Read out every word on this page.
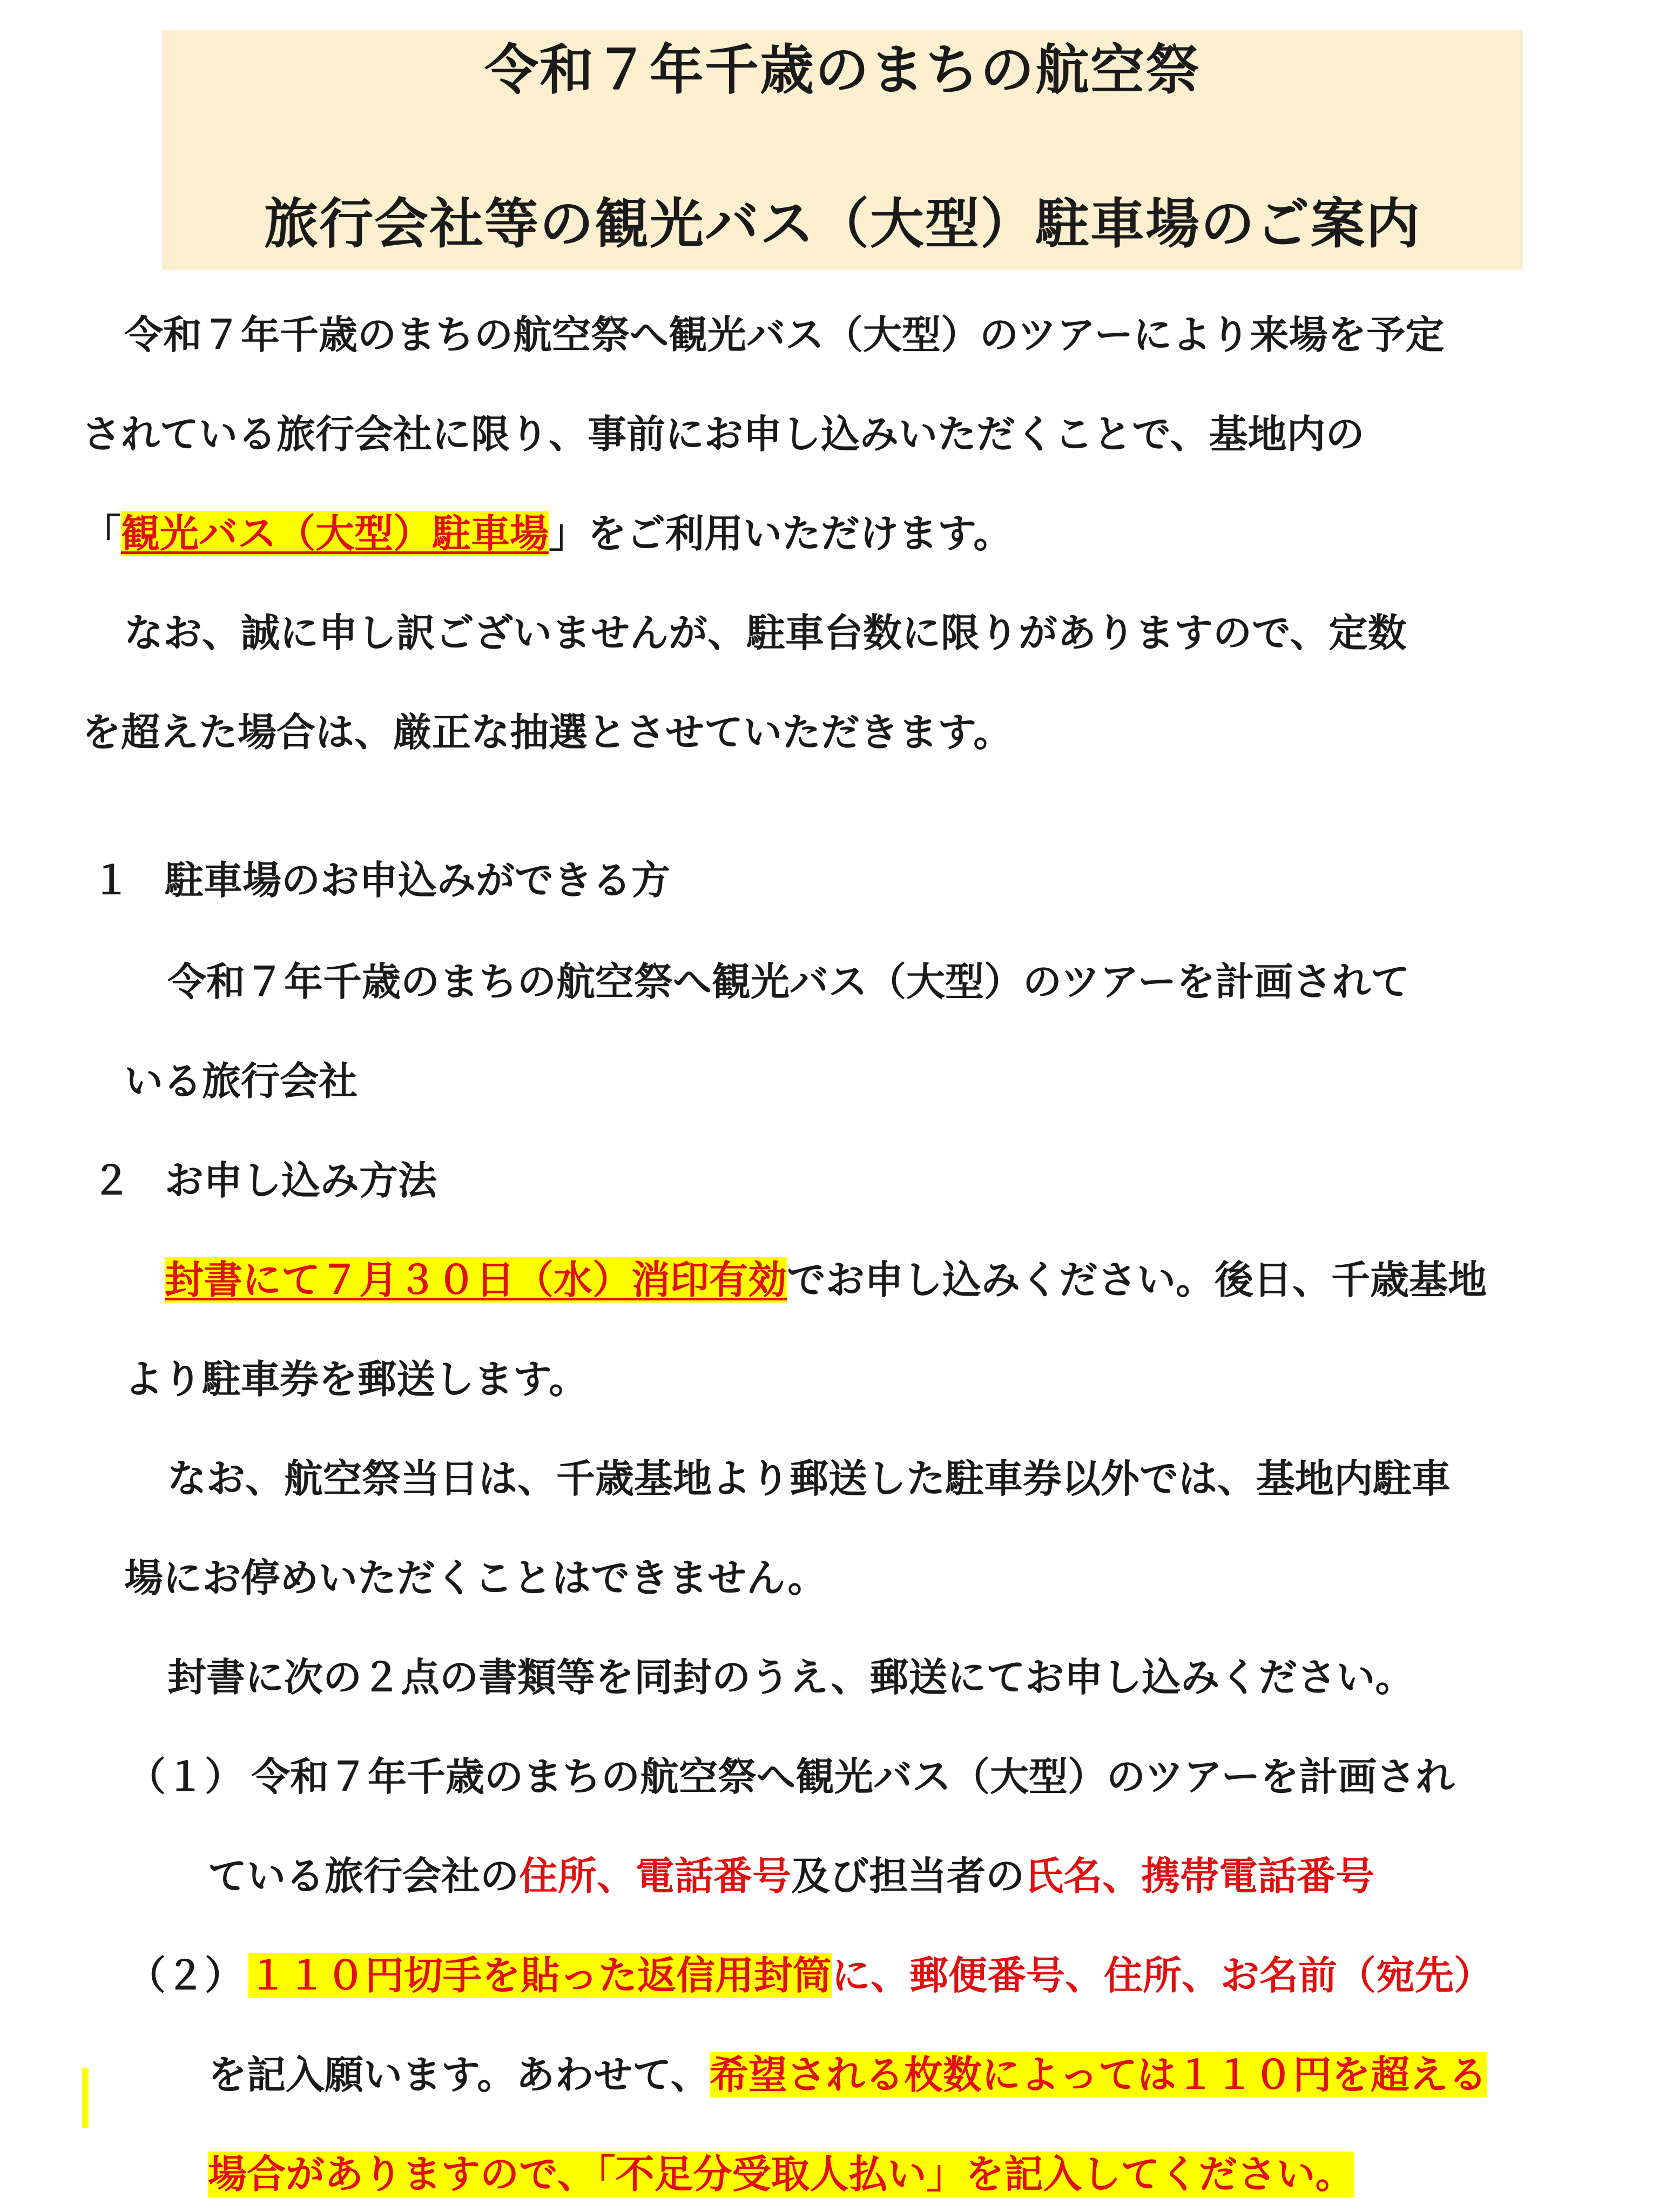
令和７年千歳のまちの航空祭
旅行会社等の観光バス（大型）駐車場のご案内
令和７年千歳のまちの航空祭へ観光バス（大型）のツアーにより来場を予定
されている旅行会社に限り、事前にお申し込みいただくことで、基地内の
「観光バス（大型）駐車場」をご利用いただけます。
なお、誠に申し訳ございませんが、駐車台数に限りがありますので、定数
を超えた場合は、厳正な抽選とさせていただきます。
１ 駐車場のお申込みができる方
令和７年千歳のまちの航空祭へ観光バス（大型）のツアーを計画されて
いる旅行会社
２ お申し込み方法
封書にて７月３０日（水）消印有効でお申し込みください。後日、千歳基地
より駐車券を郵送します。
なお、航空祭当日は、千歳基地より郵送した駐車券以外では、基地内駐車
場にお停めいただくことはできません。
封書に次の２点の書類等を同封のうえ、郵送にてお申し込みください。
（１） 令和７年千歳のまちの航空祭へ観光バス（大型）のツアーを計画され
ている旅行会社の住所、電話番号及び担当者の氏名、携帯電話番号
（２） １１０円切手を貼った返信用封筒に、郵便番号、住所、お名前（宛先）
を記入願います。あわせて、希望される枚数によっては１１０円を超える
場合がありますので、「不足分受取人払い」を記入してください。
